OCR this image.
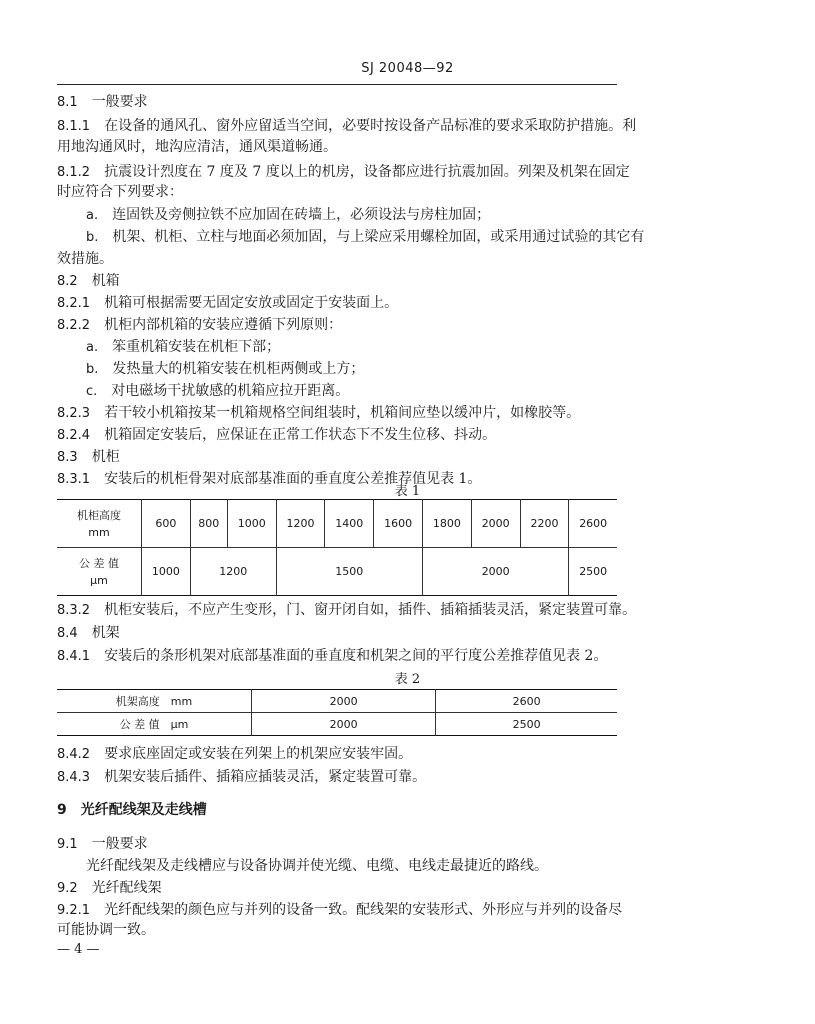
SJ 20048—92
8.1　 一般要求
8.1.1　 在设备的通风孔、窗外应留适当空间，必要时按设备产品标准的要求采取防护措施。利
用地沟通风时，地沟应清洁，通风渠道畅通。
8.1.2　 抗震设计烈度在 7 度及 7 度以上的机房，设备都应进行抗震加固。列架及机架在固定
时应符合下列要求：
a.　 连固铁及旁侧拉铁不应加固在砖墙上，必须设法与房柱加固；
b.　 机架、机柜、立柱与地面必须加固，与上梁应采用螺栓加固，或采用通过试验的其它有
效措施。
8.2　 机箱
8.2.1　 机箱可根据需要无固定安放或固定于安装面上。
8.2.2　 机柜内部机箱的安装应遵循下列原则：
a.　 笨重机箱安装在机柜下部；
b.　 发热量大的机箱安装在机柜两侧或上方；
c.　 对电磁场干扰敏感的机箱应拉开距离。
8.2.3　 若干较小机箱按某一机箱规格空间组装时，机箱间应垫以缓冲片，如橡胶等。
8.2.4　 机箱固定安装后，应保证在正常工作状态下不发生位移、抖动。
8.3　 机柜
8.3.1　 安装后的机柜骨架对底部基准面的垂直度公差推荐值见表 1。
表 1
机柜高度
mm	600	800	1000	1200	1400	1600	1800	2000	2200	2600

公 差 值
μm	1000	1200		1500			2000			2500
8.3.2　 机柜安装后，不应产生变形，门、窗开闭自如，插件、插箱插装灵活，紧定装置可靠。
8.4　 机架
8.4.1　 安装后的条形机架对底部基准面的垂直度和机架之间的平行度公差推荐值见表 2。
表 2
机架高度　mm	2000	2600
公 差 值　μm	2000	2500
8.4.2　 要求底座固定或安装在列架上的机架应安装牢固。
8.4.3　 机架安装后插件、插箱应插装灵活，紧定装置可靠。
9　 光纤配线架及走线槽
9.1　 一般要求
光纤配线架及走线槽应与设备协调并使光缆、电缆、电线走最捷近的路线。
9.2　 光纤配线架
9.2.1　 光纤配线架的颜色应与并列的设备一致。配线架的安装形式、外形应与并列的设备尽
可能协调一致。
— 4 —
